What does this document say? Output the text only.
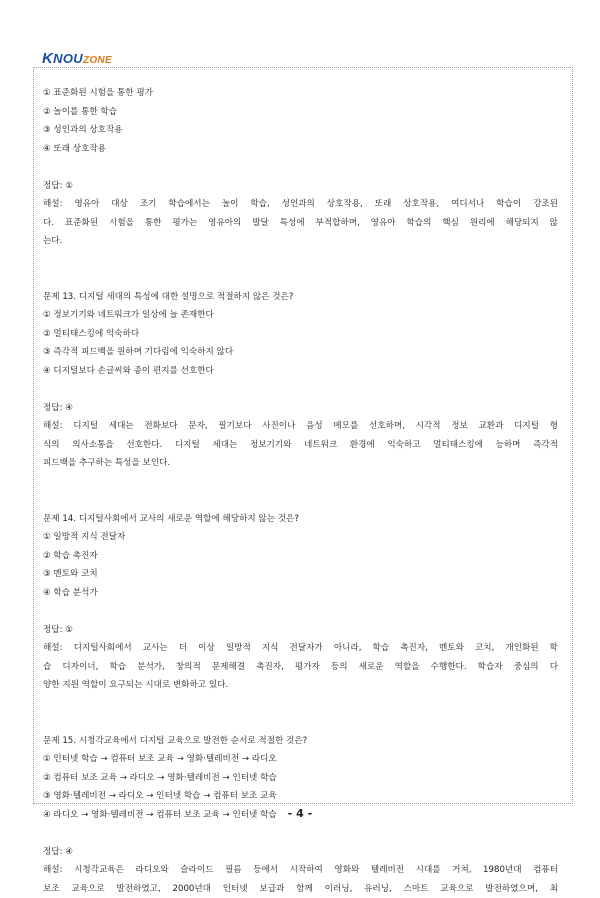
KNOUZONE
① 표준화된 시험을 통한 평가
② 놀이를 통한 학습
③ 성인과의 상호작용
④ 또래 상호작용
정답: ①
해설: 영유아 대상 조기 학습에서는 놀이 학습, 성인과의 상호작용, 또래 상호작용, 여디서나 학습이 강조된
다. 표준화된 시험을 통한 평가는 영유아의 발달 특성에 부적합하며, 영유아 학습의 핵심 원리에 해당되지 않
는다.
문제 13. 디지털 세대의 특성에 대한 설명으로 적절하지 않은 것은?
① 정보기기와 네트워크가 일상에 늘 존재한다
② 멀티태스킹에 익숙하다
③ 즉각적 피드백을 원하며 기다림에 익숙하지 않다
④ 디지털보다 손글씨와 종이 편지를 선호한다
정답: ④
해설: 디지털 세대는 전화보다 문자, 필기보다 사진이나 음성 메모를 선호하며, 시각적 정보 교환과 디지털 형
식의 의사소통을 선호한다. 디지털 세대는 정보기기와 네트워크 환경에 익숙하고 멀티태스킹에 능하며 즉각적
피드백을 추구하는 특성을 보인다.
문제 14. 디지털사회에서 교사의 새로운 역할에 해당하지 않는 것은?
① 일방적 지식 전달자
② 학습 촉진자
③ 멘토와 코치
④ 학습 분석가
정답: ①
해설: 디지털사회에서 교사는 더 이상 일방적 지식 전달자가 아니라, 학습 촉진자, 멘토와 코치, 개인화된 학
습 디자이너, 학습 분석가, 창의적 문제해결 촉진자, 평가자 등의 새로운 역할을 수행한다. 학습자 중심의 다
양한 지원 역할이 요구되는 시대로 변화하고 있다.
문제 15. 시청각교육에서 디지털 교육으로 발전한 순서로 적절한 것은?
① 인터넷 학습 → 컴퓨터 보조 교육 → 영화·텔레비전 → 라디오
② 컴퓨터 보조 교육 → 라디오 → 영화·텔레비전 → 인터넷 학습
③ 영화·텔레비전 → 라디오 → 인터넷 학습 → 컴퓨터 보조 교육
④ 라디오 → 영화·텔레비전 → 컴퓨터 보조 교육 → 인터넷 학습
정답: ④
해설: 시청각교육은 라디오와 슬라이드 필름 등에서 시작하여 영화와 텔레비전 시대를 거쳐, 1980년대 컴퓨터
보조 교육으로 발전하였고, 2000년대 인터넷 보급과 함께 이러닝, 유러닝, 스마트 교육으로 발전하였으며, 최
- 4 -
